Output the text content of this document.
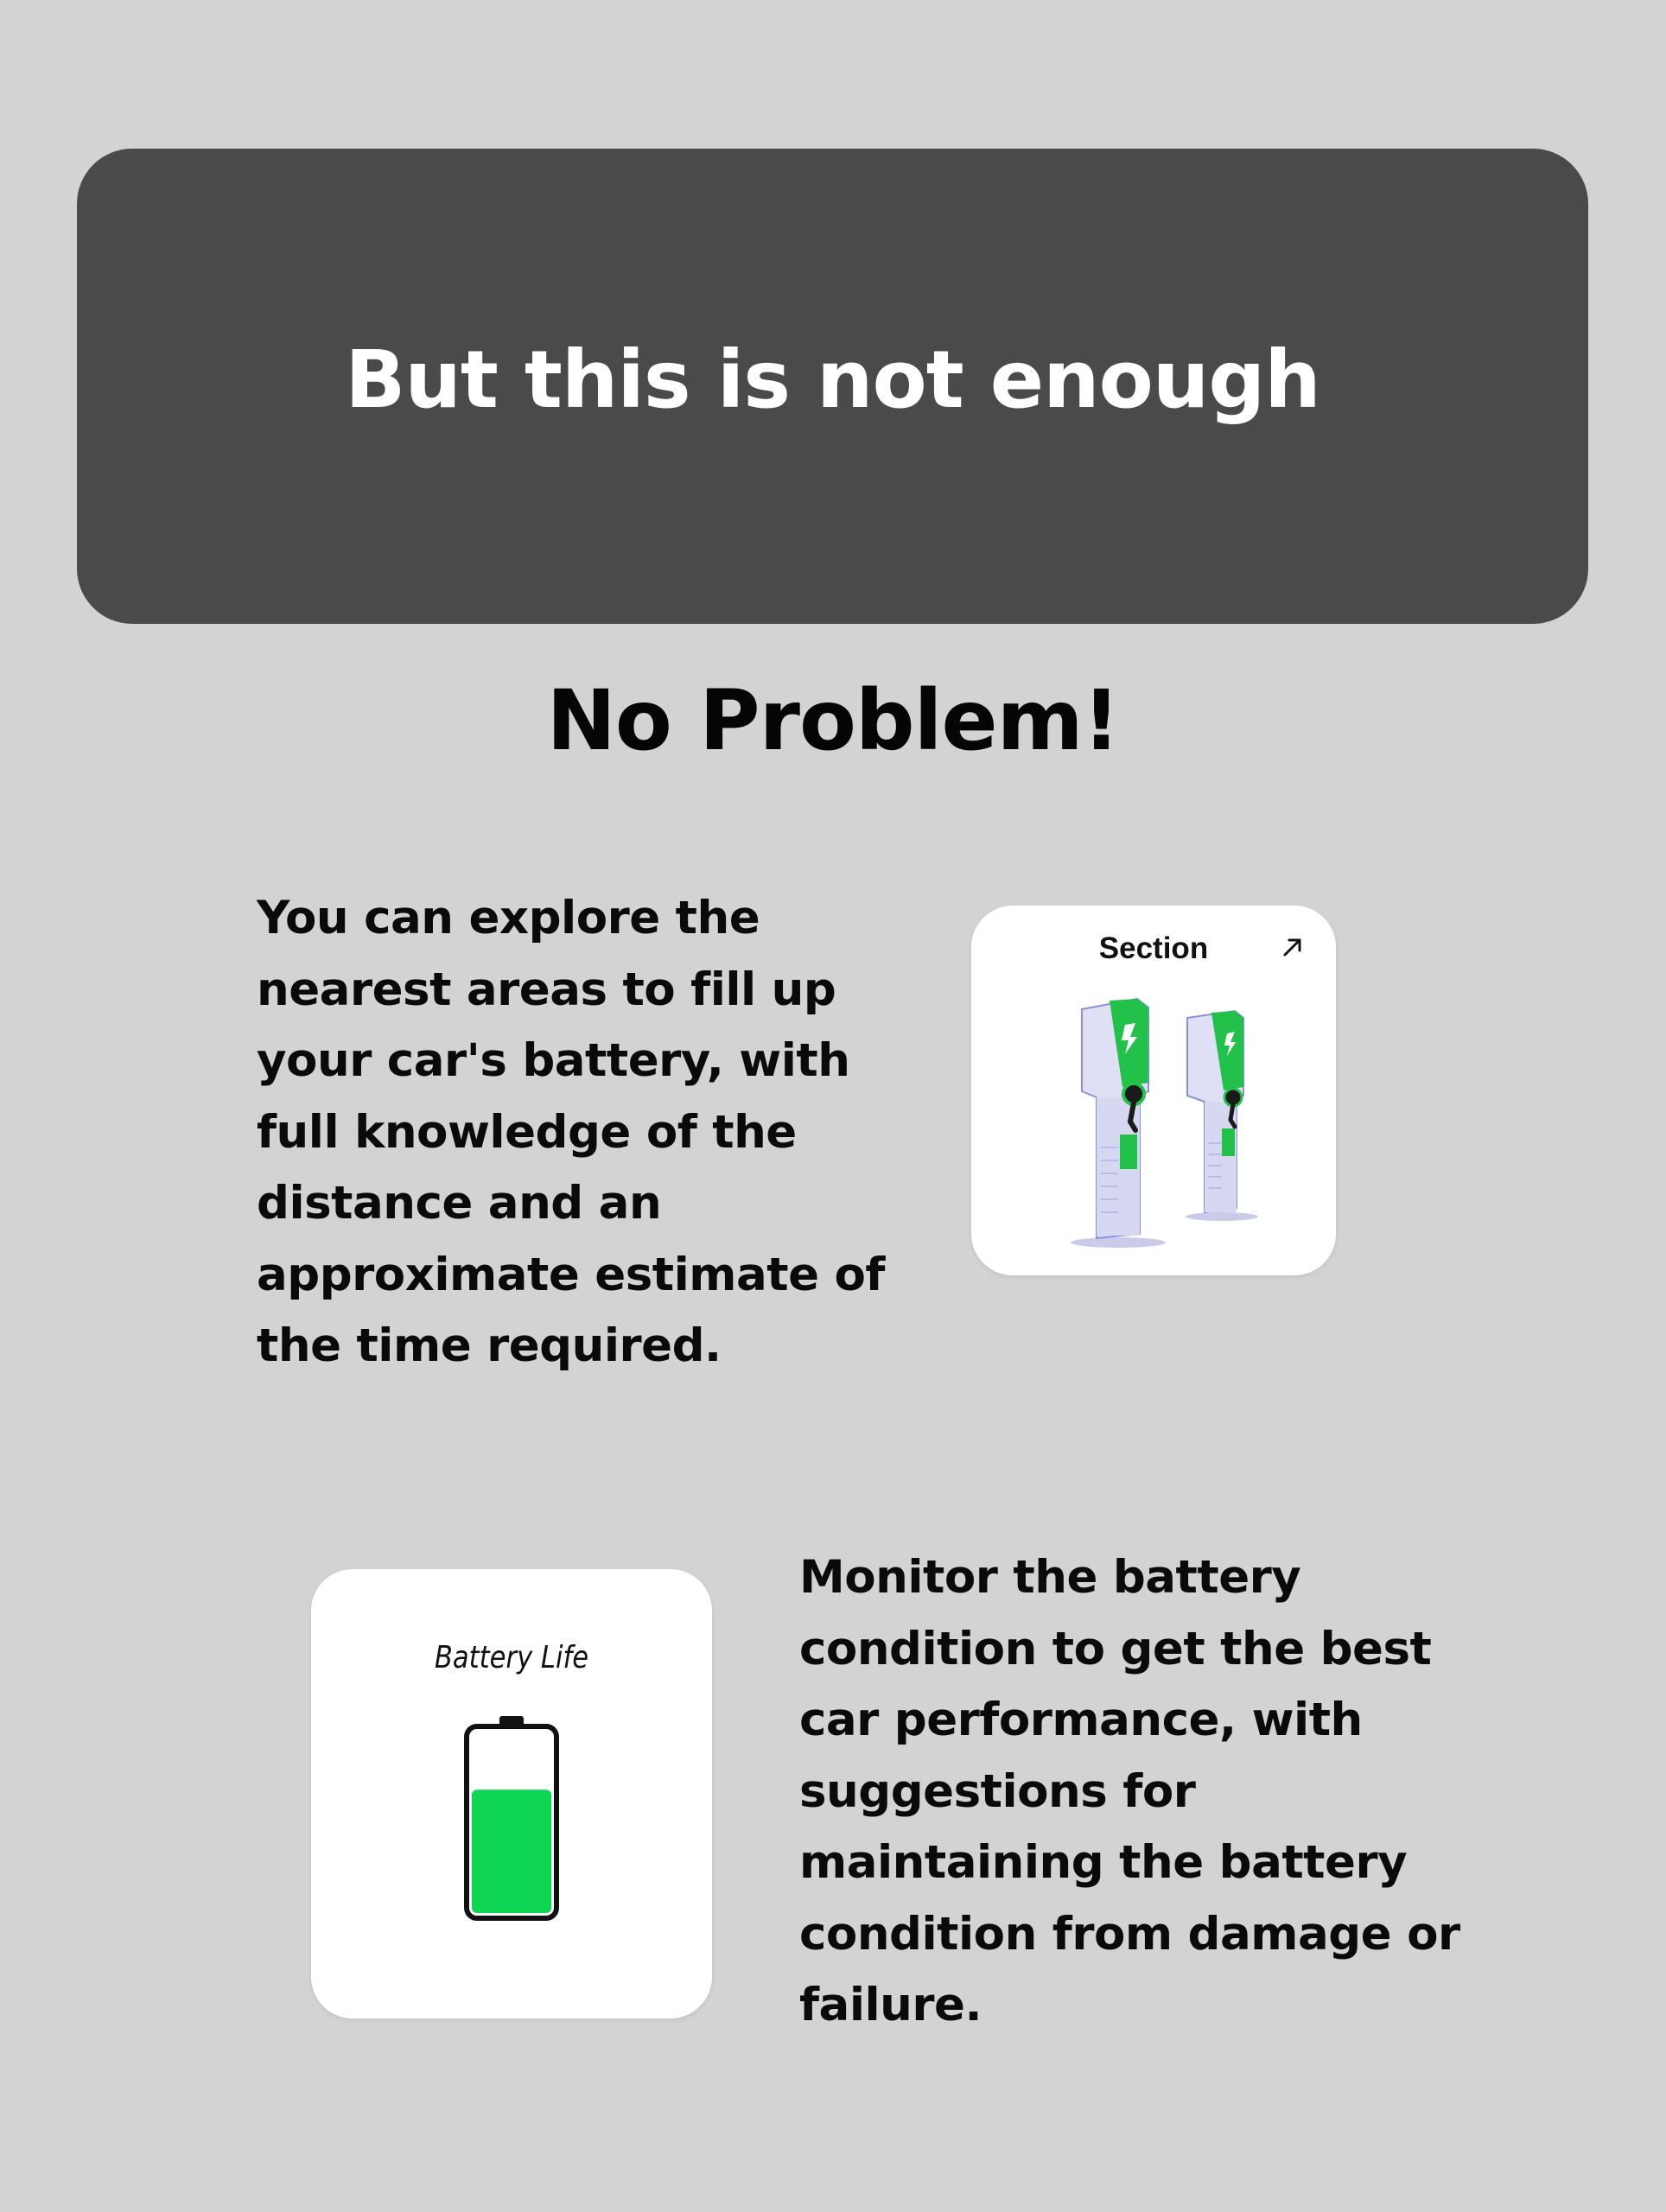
But this is not enough
No Problem!

You can explore the nearest areas to fill up your car's battery, with full knowledge of the distance and an approximate estimate of the time required.

Section
Battery Life

Monitor the battery condition to get the best car performance, with suggestions for maintaining the battery condition from damage or failure.
